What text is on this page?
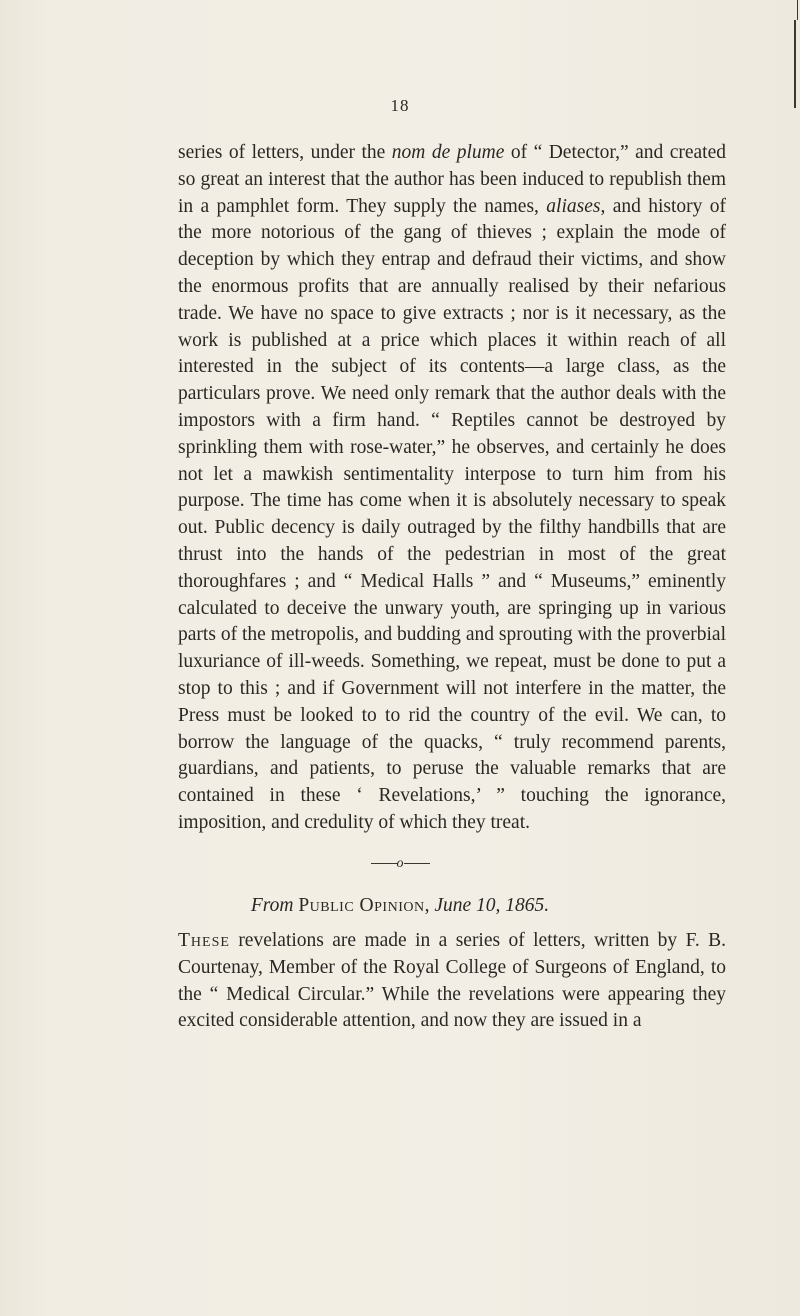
18

series of letters, under the nom de plume of “ Detector,” and created so great an interest that the author has been induced to republish them in a pamphlet form. They supply the names, aliases, and history of the more notorious of the gang of thieves ; explain the mode of deception by which they entrap and defraud their victims, and show the enormous profits that are annually realised by their nefarious trade. We have no space to give extracts ; nor is it necessary, as the work is published at a price which places it within reach of all interested in the subject of its contents—a large class, as the particulars prove. We need only remark that the author deals with the impostors with a firm hand. “ Reptiles cannot be destroyed by sprinkling them with rose-water,” he observes, and certainly he does not let a mawkish sentimentality interpose to turn him from his purpose. The time has come when it is absolutely necessary to speak out. Public decency is daily outraged by the filthy handbills that are thrust into the hands of the pedestrian in most of the great thoroughfares ; and “ Medical Halls ” and “ Museums,” eminently calculated to deceive the unwary youth, are springing up in various parts of the metropolis, and budding and sprouting with the proverbial luxuriance of ill-weeds. Something, we repeat, must be done to put a stop to this ; and if Government will not interfere in the matter, the Press must be looked to to rid the country of the evil. We can, to borrow the language of the quacks, “ truly recommend parents, guardians, and patients, to peruse the valuable remarks that are contained in these ‘ Revelations,’ ” touching the ignorance, imposition, and credulity of which they treat.

o
From Public Opinion, June 10, 1865.

These revelations are made in a series of letters, written by F. B. Courtenay, Member of the Royal College of Surgeons of England, to the “ Medical Circular.” While the revelations were appearing they excited considerable attention, and now they are issued in a
